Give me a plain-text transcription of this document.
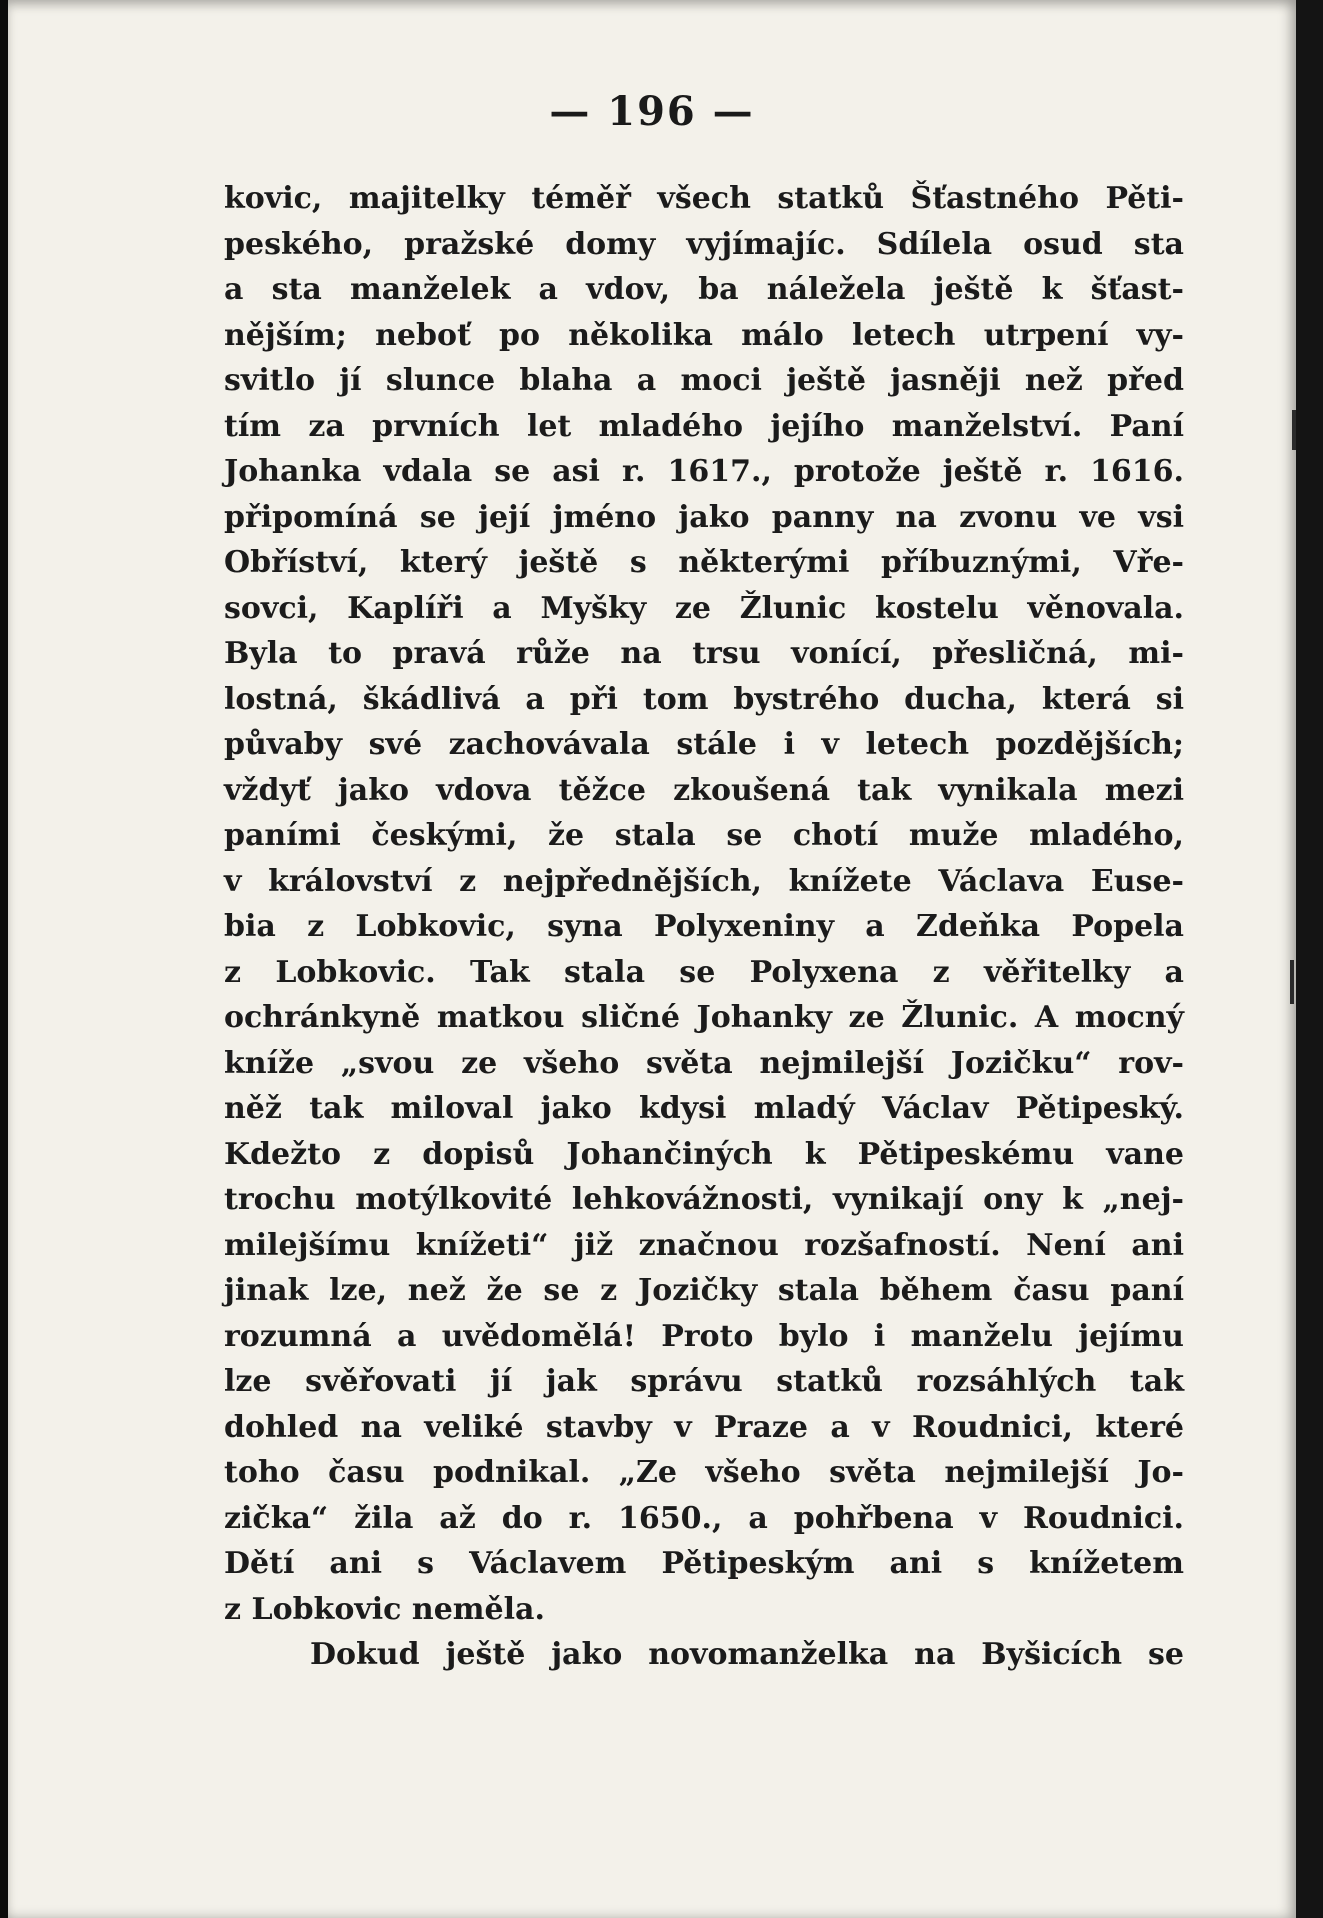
— 196 —
kovic, majitelky téměř všech statků Šťastného Pěti-
peského, pražské domy vyjímajíc. Sdílela osud sta
a sta manželek a vdov, ba náležela ještě k šťast-
nějším; neboť po několika málo letech utrpení vy-
svitlo jí slunce blaha a moci ještě jasněji než před
tím za prvních let mladého jejího manželství. Paní
Johanka vdala se asi r. 1617., protože ještě r. 1616.
připomíná se její jméno jako panny na zvonu ve vsi
Obříství, který ještě s některými příbuznými, Vře-
sovci, Kaplíři a Myšky ze Žlunic kostelu věnovala.
Byla to pravá růže na trsu vonící, přesličná, mi-
lostná, škádlivá a při tom bystrého ducha, která si
půvaby své zachovávala stále i v letech pozdějších;
vždyť jako vdova těžce zkoušená tak vynikala mezi
paními českými, že stala se chotí muže mladého,
v království z nejpřednějších, knížete Václava Euse-
bia z Lobkovic, syna Polyxeniny a Zdeňka Popela
z Lobkovic. Tak stala se Polyxena z věřitelky a
ochránkyně matkou sličné Johanky ze Žlunic. A mocný
kníže „svou ze všeho světa nejmilejší Jozičku“ rov-
něž tak miloval jako kdysi mladý Václav Pětipeský.
Kdežto z dopisů Johančiných k Pětipeskému vane
trochu motýlkovité lehkovážnosti, vynikají ony k „nej-
milejšímu knížeti“ již značnou rozšafností. Není ani
jinak lze, než že se z Jozičky stala během času paní
rozumná a uvědomělá! Proto bylo i manželu jejímu
lze svěřovati jí jak správu statků rozsáhlých tak
dohled na veliké stavby v Praze a v Roudnici, které
toho času podnikal. „Ze všeho světa nejmilejší Jo-
zička“ žila až do r. 1650., a pohřbena v Roudnici.
Dětí ani s Václavem Pětipeským ani s knížetem
z Lobkovic neměla.
Dokud ještě jako novomanželka na Byšicích se
